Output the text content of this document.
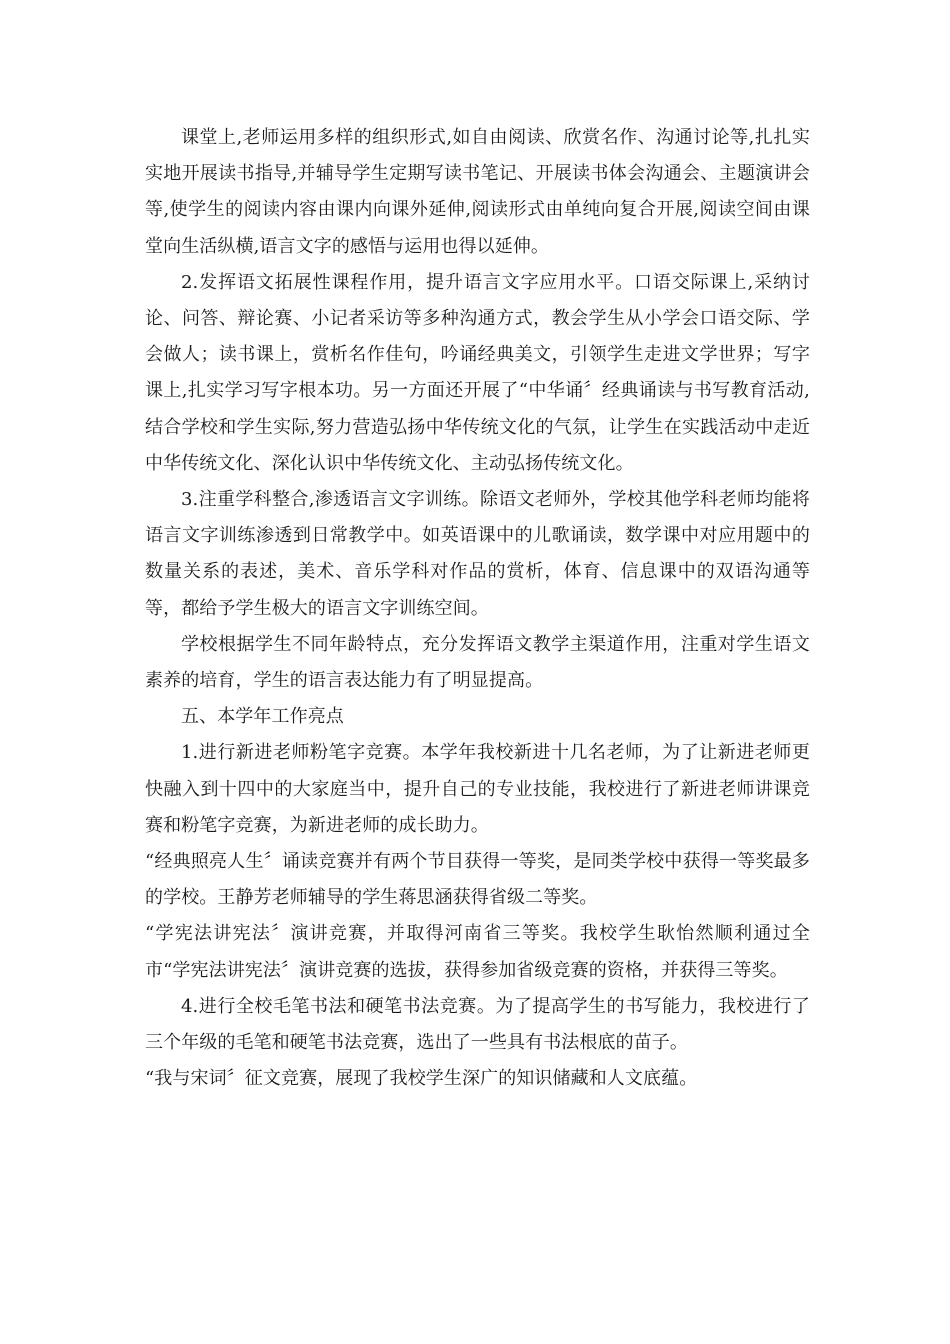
课堂上,老师运用多样的组织形式,如自由阅读、欣赏名作、沟通讨论等,扎扎实实地开展读书指导,并辅导学生定期写读书笔记、开展读书体会沟通会、主题演讲会等,使学生的阅读内容由课内向课外延伸,阅读形式由单纯向复合开展,阅读空间由课堂向生活纵横,语言文字的感悟与运用也得以延伸。

2.发挥语文拓展性课程作用，提升语言文字应用水平。口语交际课上,采纳讨论、问答、辩论赛、小记者采访等多种沟通方式，教会学生从小学会口语交际、学会做人；读书课上，赏析名作佳句，吟诵经典美文，引领学生走进文学世界；写字课上,扎实学习写字根本功。另一方面还开展了“中华诵〞经典诵读与书写教育活动,结合学校和学生实际,努力营造弘扬中华传统文化的气氛，让学生在实践活动中走近中华传统文化、深化认识中华传统文化、主动弘扬传统文化。

3.注重学科整合,渗透语言文字训练。除语文老师外，学校其他学科老师均能将语言文字训练渗透到日常教学中。如英语课中的儿歌诵读，数学课中对应用题中的数量关系的表述，美术、音乐学科对作品的赏析，体育、信息课中的双语沟通等等，都给予学生极大的语言文字训练空间。

学校根据学生不同年龄特点，充分发挥语文教学主渠道作用，注重对学生语文素养的培育，学生的语言表达能力有了明显提高。

五、本学年工作亮点

1.进行新进老师粉笔字竞赛。本学年我校新进十几名老师，为了让新进老师更快融入到十四中的大家庭当中，提升自己的专业技能，我校进行了新进老师讲课竞赛和粉笔字竞赛，为新进老师的成长助力。

“经典照亮人生〞诵读竞赛并有两个节目获得一等奖，是同类学校中获得一等奖最多的学校。王静芳老师辅导的学生蒋思涵获得省级二等奖。

“学宪法讲宪法〞演讲竞赛，并取得河南省三等奖。我校学生耿怡然顺利通过全市“学宪法讲宪法〞演讲竞赛的选拔，获得参加省级竞赛的资格，并获得三等奖。

4.进行全校毛笔书法和硬笔书法竞赛。为了提高学生的书写能力，我校进行了三个年级的毛笔和硬笔书法竞赛，选出了一些具有书法根底的苗子。

“我与宋词〞征文竞赛，展现了我校学生深广的知识储藏和人文底蕴。
